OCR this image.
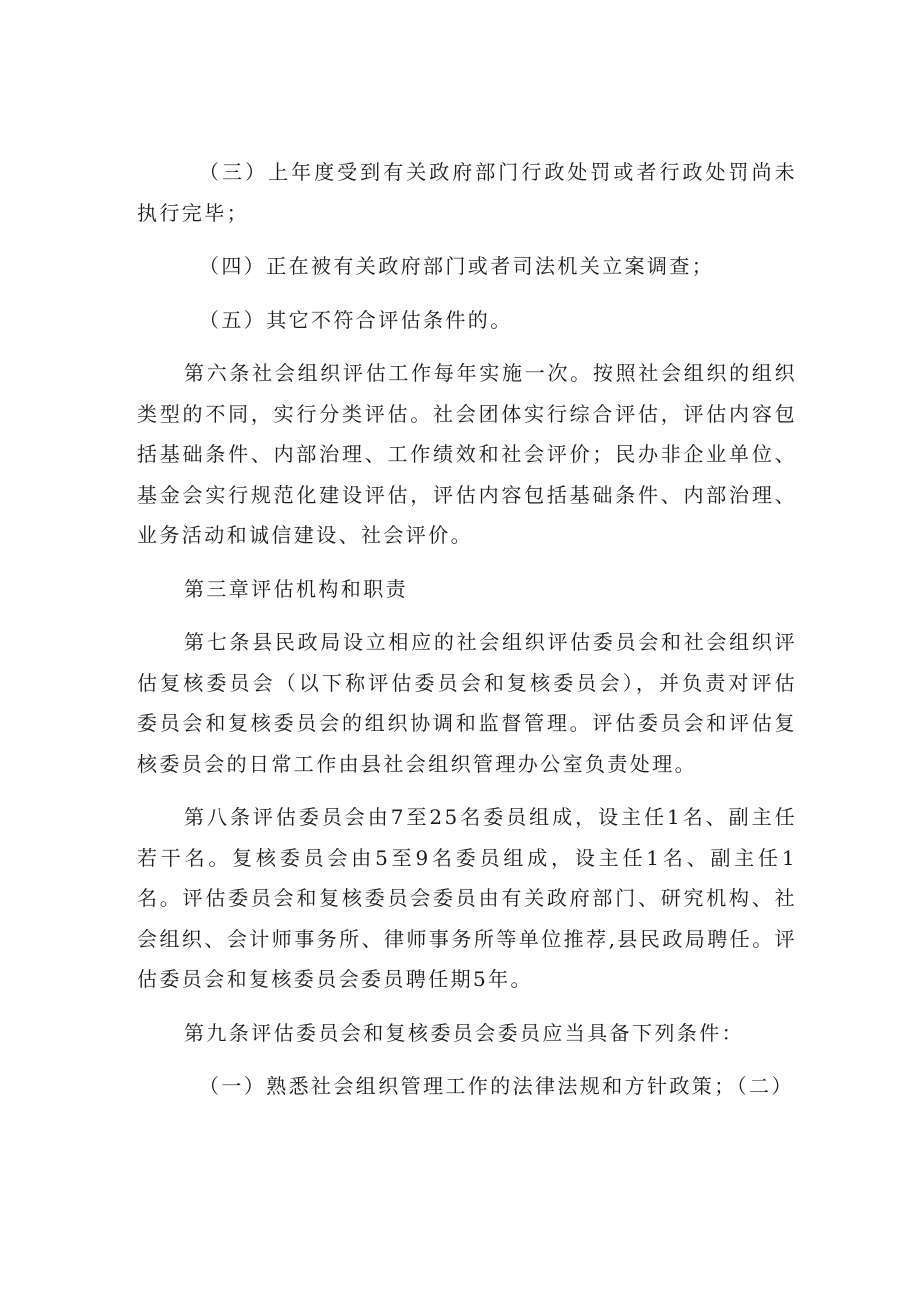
（三）上年度受到有关政府部门行政处罚或者行政处罚尚未执行完毕；

（四）正在被有关政府部门或者司法机关立案调查；

（五）其它不符合评估条件的。

第六条社会组织评估工作每年实施一次。按照社会组织的组织类型的不同，实行分类评估。社会团体实行综合评估，评估内容包括基础条件、内部治理、工作绩效和社会评价；民办非企业单位、基金会实行规范化建设评估，评估内容包括基础条件、内部治理、业务活动和诚信建设、社会评价。

第三章评估机构和职责

第七条县民政局设立相应的社会组织评估委员会和社会组织评估复核委员会（以下称评估委员会和复核委员会），并负责对评估委员会和复核委员会的组织协调和监督管理。评估委员会和评估复核委员会的日常工作由县社会组织管理办公室负责处理。

第八条评估委员会由7至25名委员组成，设主任1名、副主任若干名。复核委员会由5至9名委员组成，设主任1名、副主任1名。评估委员会和复核委员会委员由有关政府部门、研究机构、社会组织、会计师事务所、律师事务所等单位推荐,县民政局聘任。评估委员会和复核委员会委员聘任期5年。

第九条评估委员会和复核委员会委员应当具备下列条件：

（一）熟悉社会组织管理工作的法律法规和方针政策；（二）
